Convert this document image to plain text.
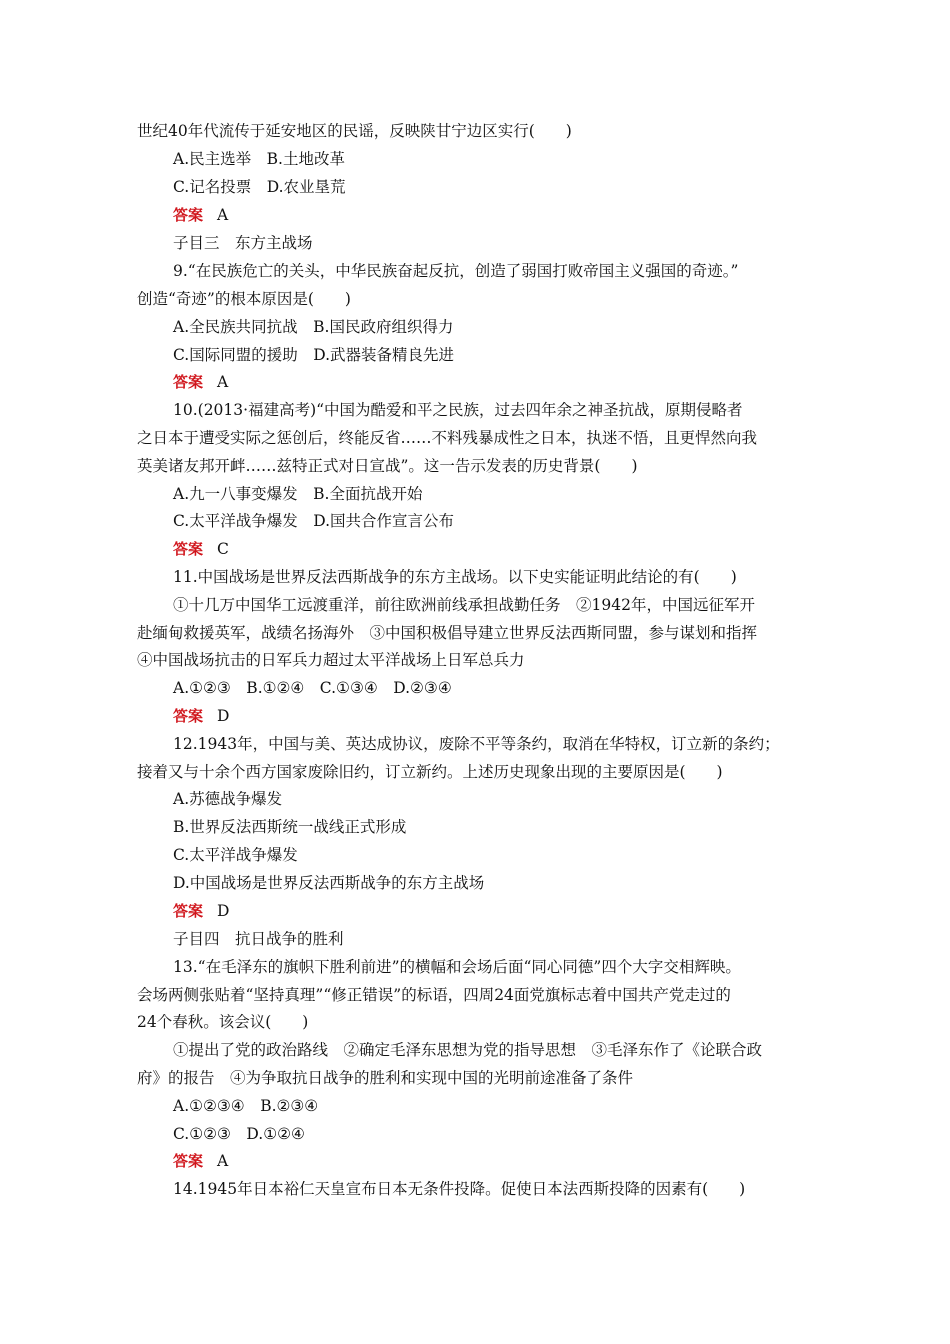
世纪40年代流传于延安地区的民谣，反映陕甘宁边区实行(　　)
A.民主选举　B.土地改革
C.记名投票　D.农业垦荒
答案 A
子目三　东方主战场
9.“在民族危亡的关头，中华民族奋起反抗，创造了弱国打败帝国主义强国的奇迹。”
创造“奇迹”的根本原因是(　　)
A.全民族共同抗战　B.国民政府组织得力
C.国际同盟的援助　D.武器装备精良先进
答案 A
10.(2013·福建高考)“中国为酷爱和平之民族，过去四年余之神圣抗战，原期侵略者
之日本于遭受实际之惩创后，终能反省……不料残暴成性之日本，执迷不悟，且更悍然向我
英美诸友邦开衅……兹特正式对日宣战”。这一告示发表的历史背景(　　)
A.九一八事变爆发　B.全面抗战开始
C.太平洋战争爆发　D.国共合作宣言公布
答案 C
11.中国战场是世界反法西斯战争的东方主战场。以下史实能证明此结论的有(　　)
①十几万中国华工远渡重洋，前往欧洲前线承担战勤任务　②1942年，中国远征军开
赴缅甸救援英军，战绩名扬海外　③中国积极倡导建立世界反法西斯同盟，参与谋划和指挥
④中国战场抗击的日军兵力超过太平洋战场上日军总兵力
A.①②③　B.①②④　C.①③④　D.②③④
答案 D
12.1943年，中国与美、英达成协议，废除不平等条约，取消在华特权，订立新的条约；
接着又与十余个西方国家废除旧约，订立新约。上述历史现象出现的主要原因是(　　)
A.苏德战争爆发
B.世界反法西斯统一战线正式形成
C.太平洋战争爆发
D.中国战场是世界反法西斯战争的东方主战场
答案 D
子目四　抗日战争的胜利
13.“在毛泽东的旗帜下胜利前进”的横幅和会场后面“同心同德”四个大字交相辉映。
会场两侧张贴着“坚持真理”“修正错误”的标语，四周24面党旗标志着中国共产党走过的
24个春秋。该会议(　　)
①提出了党的政治路线　②确定毛泽东思想为党的指导思想　③毛泽东作了《论联合政
府》的报告　④为争取抗日战争的胜利和实现中国的光明前途准备了条件
A.①②③④　B.②③④
C.①②③　D.①②④
答案 A
14.1945年日本裕仁天皇宣布日本无条件投降。促使日本法西斯投降的因素有(　　)
